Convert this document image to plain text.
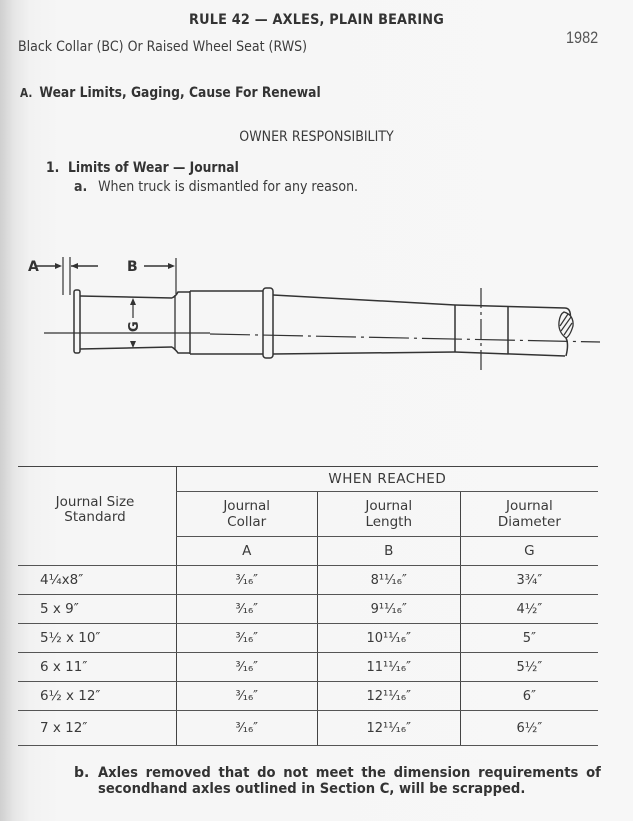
RULE 42 — AXLES, PLAIN BEARING
1982
Black Collar (BC) Or Raised Wheel Seat (RWS)
A. Wear Limits, Gaging, Cause For Renewal
OWNER RESPONSIBILITY
1. Limits of Wear — Journal
a. When truck is dismantled for any reason.
A	B
G

Journal Size Standard	WHEN REACHED		

	Journal Collar	Journal Length	Journal Diameter

	A	B	G
4¼x8″	³⁄₁₆″	8¹¹⁄₁₆″	3¾″
5 x 9″	³⁄₁₆″	9¹¹⁄₁₆″	4½″
5½ x 10″	³⁄₁₆″	10¹¹⁄₁₆″	5″
6 x 11″	³⁄₁₆″	11¹¹⁄₁₆″	5½″
6½ x 12″	³⁄₁₆″	12¹¹⁄₁₆″	6″
7 x 12″	³⁄₁₆″	12¹¹⁄₁₆″	6½″
b. Axles removed that do not meet the dimension requirements of secondhand axles outlined in Section C, will be scrapped.
